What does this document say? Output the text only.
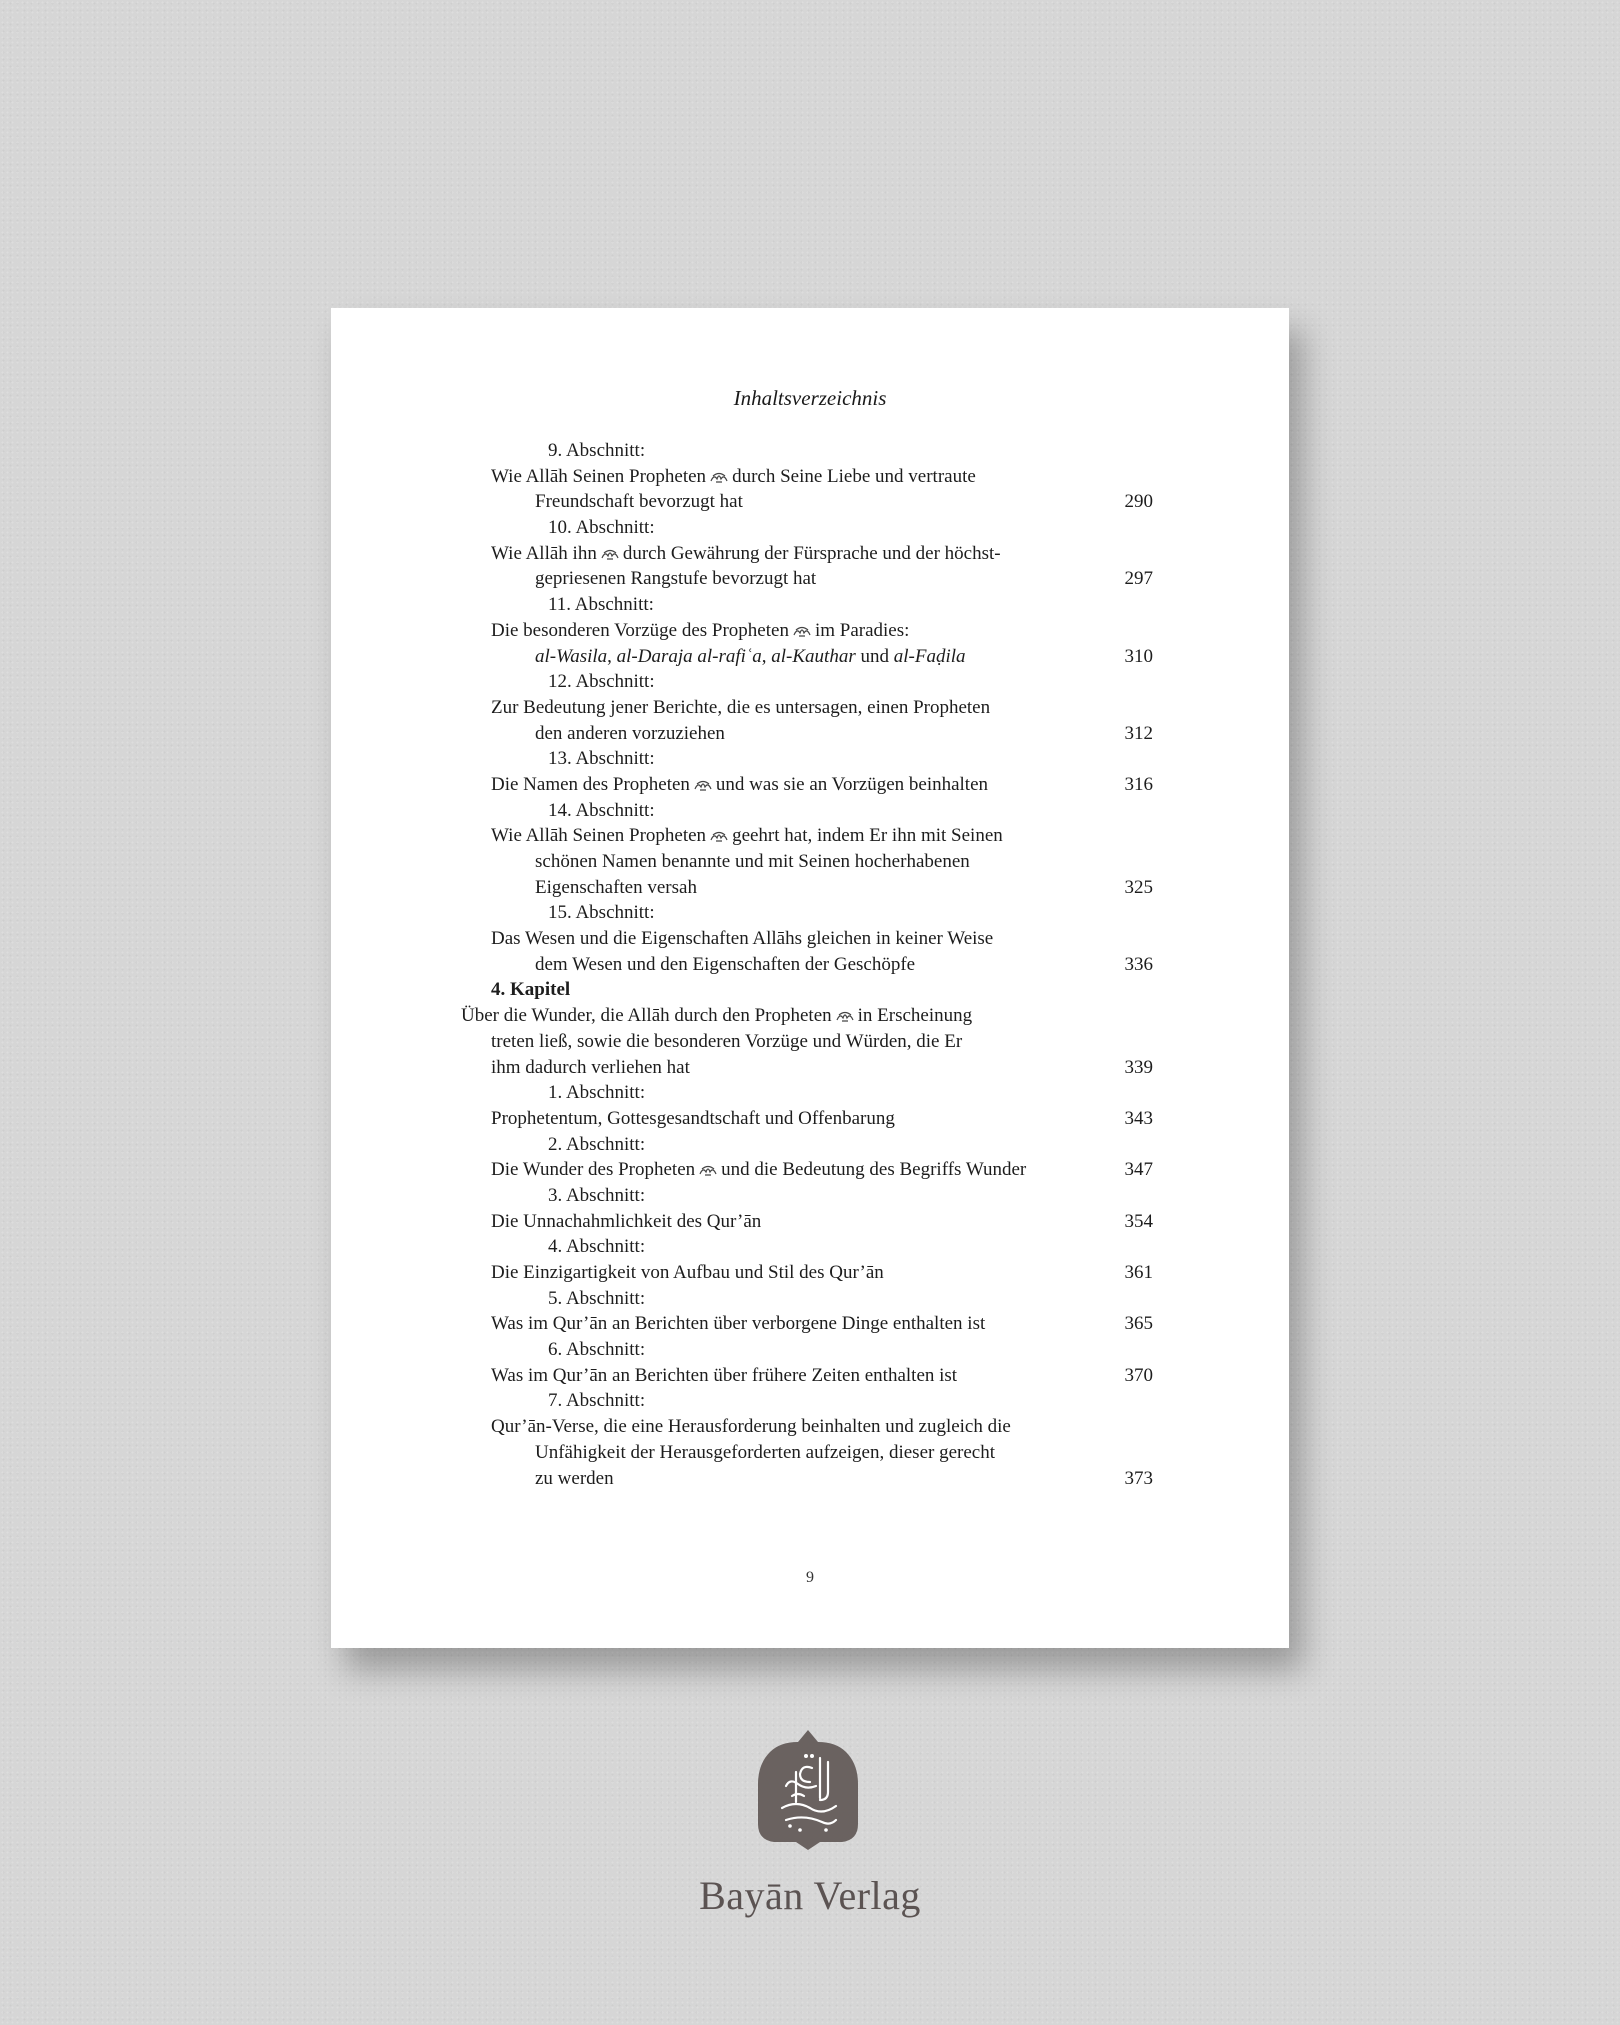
Inhaltsverzeichnis
9. Abschnitt:
Wie Allāh Seinen Propheten durch Seine Liebe und vertraute
Freundschaft bevorzugt hat	290
10. Abschnitt:
Wie Allāh ihn durch Gewährung der Fürsprache und der höchst-
gepriesenen Rangstufe bevorzugt hat	297
11. Abschnitt:
Die besonderen Vorzüge des Propheten im Paradies:
al-Wasila, al-Daraja al-rafiʿa, al-Kauthar und al-Faḍila	310
12. Abschnitt:
Zur Bedeutung jener Berichte, die es untersagen, einen Propheten
den anderen vorzuziehen	312
13. Abschnitt:
Die Namen des Propheten und was sie an Vorzügen beinhalten	316
14. Abschnitt:
Wie Allāh Seinen Propheten geehrt hat, indem Er ihn mit Seinen
schönen Namen benannte und mit Seinen hocherhabenen
Eigenschaften versah	325
15. Abschnitt:
Das Wesen und die Eigenschaften Allāhs gleichen in keiner Weise
dem Wesen und den Eigenschaften der Geschöpfe	336
4. Kapitel
Über die Wunder, die Allāh durch den Propheten in Erscheinung
treten ließ, sowie die besonderen Vorzüge und Würden, die Er
ihm dadurch verliehen hat	339
1. Abschnitt:
Prophetentum, Gottesgesandtschaft und Offenbarung	343
2. Abschnitt:
Die Wunder des Propheten und die Bedeutung des Begriffs Wunder	347
3. Abschnitt:
Die Unnachahmlichkeit des Qur’ān	354
4. Abschnitt:
Die Einzigartigkeit von Aufbau und Stil des Qur’ān	361
5. Abschnitt:
Was im Qur’ān an Berichten über verborgene Dinge enthalten ist	365
6. Abschnitt:
Was im Qur’ān an Berichten über frühere Zeiten enthalten ist	370
7. Abschnitt:
Qur’ān-Verse, die eine Herausforderung beinhalten und zugleich die
Unfähigkeit der Herausgeforderten aufzeigen, dieser gerecht
zu werden	373
9
Bayān Verlag
